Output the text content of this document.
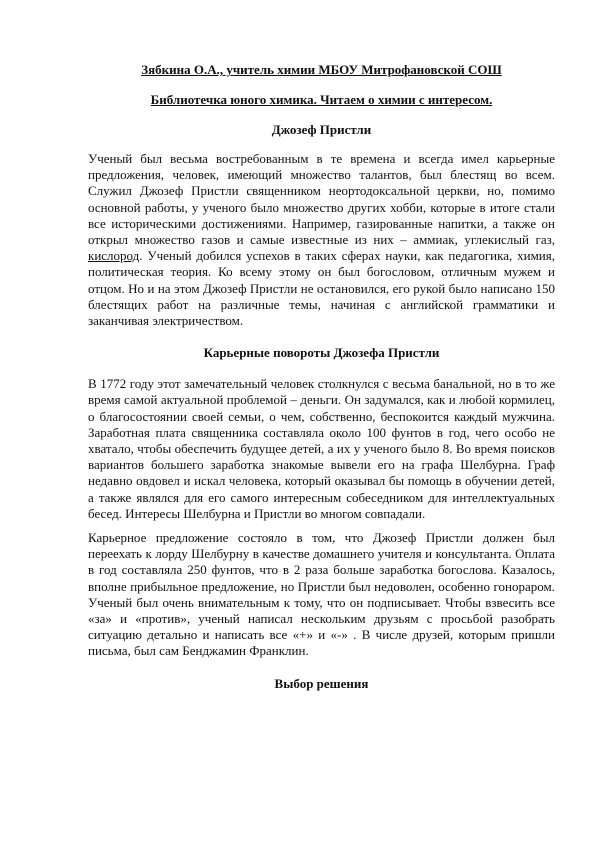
Зябкина О.А., учитель химии МБОУ Митрофановской СОШ
Библиотечка юного химика. Читаем о химии с интересом.
Джозеф Пристли

Ученый был весьма востребованным в те времена и всегда имел карьерные предложения, человек, имеющий множество талантов, был блестящ во всем. Служил Джозеф Пристли священником неортодоксальной церкви, но, помимо основной работы, у ученого было множество других хобби, которые в итоге стали все историческими достижениями. Например, газированные напитки, а также он открыл множество газов и самые известные из них – аммиак, углекислый газ, кислород. Ученый добился успехов в таких сферах науки, как педагогика, химия, политическая теория. Ко всему этому он был богословом, отличным мужем и отцом. Но и на этом Джозеф Пристли не остановился, его рукой было написано 150 блестящих работ на различные темы, начиная с английской грамматики и заканчивая электричеством.

Карьерные повороты Джозефа Пристли

В 1772 году этот замечательный человек столкнулся с весьма банальной, но в то же время самой актуальной проблемой – деньги. Он задумался, как и любой кормилец, о благосостоянии своей семьи, о чем, собственно, беспокоится каждый мужчина. Заработная плата священника составляла около 100 фунтов в год, чего особо не хватало, чтобы обеспечить будущее детей, а их у ученого было 8. Во время поисков вариантов большего заработка знакомые вывели его на графа Шелбурна. Граф недавно овдовел и искал человека, который оказывал бы помощь в обучении детей, а также являлся для его самого интересным собеседником для интеллектуальных бесед. Интересы Шелбурна и Пристли во многом совпадали.

Карьерное предложение состояло в том, что Джозеф Пристли должен был переехать к лорду Шелбурну в качестве домашнего учителя и консультанта. Оплата в год составляла 250 фунтов, что в 2 раза больше заработка богослова. Казалось, вполне прибыльное предложение, но Пристли был недоволен, особенно гонораром. Ученый был очень внимательным к тому, что он подписывает. Чтобы взвесить все «за» и «против», ученый написал нескольким друзьям с просьбой разобрать ситуацию детально и написать все «+» и «-» . В числе друзей, которым пришли письма, был сам Бенджамин Франклин.

Выбор решения
